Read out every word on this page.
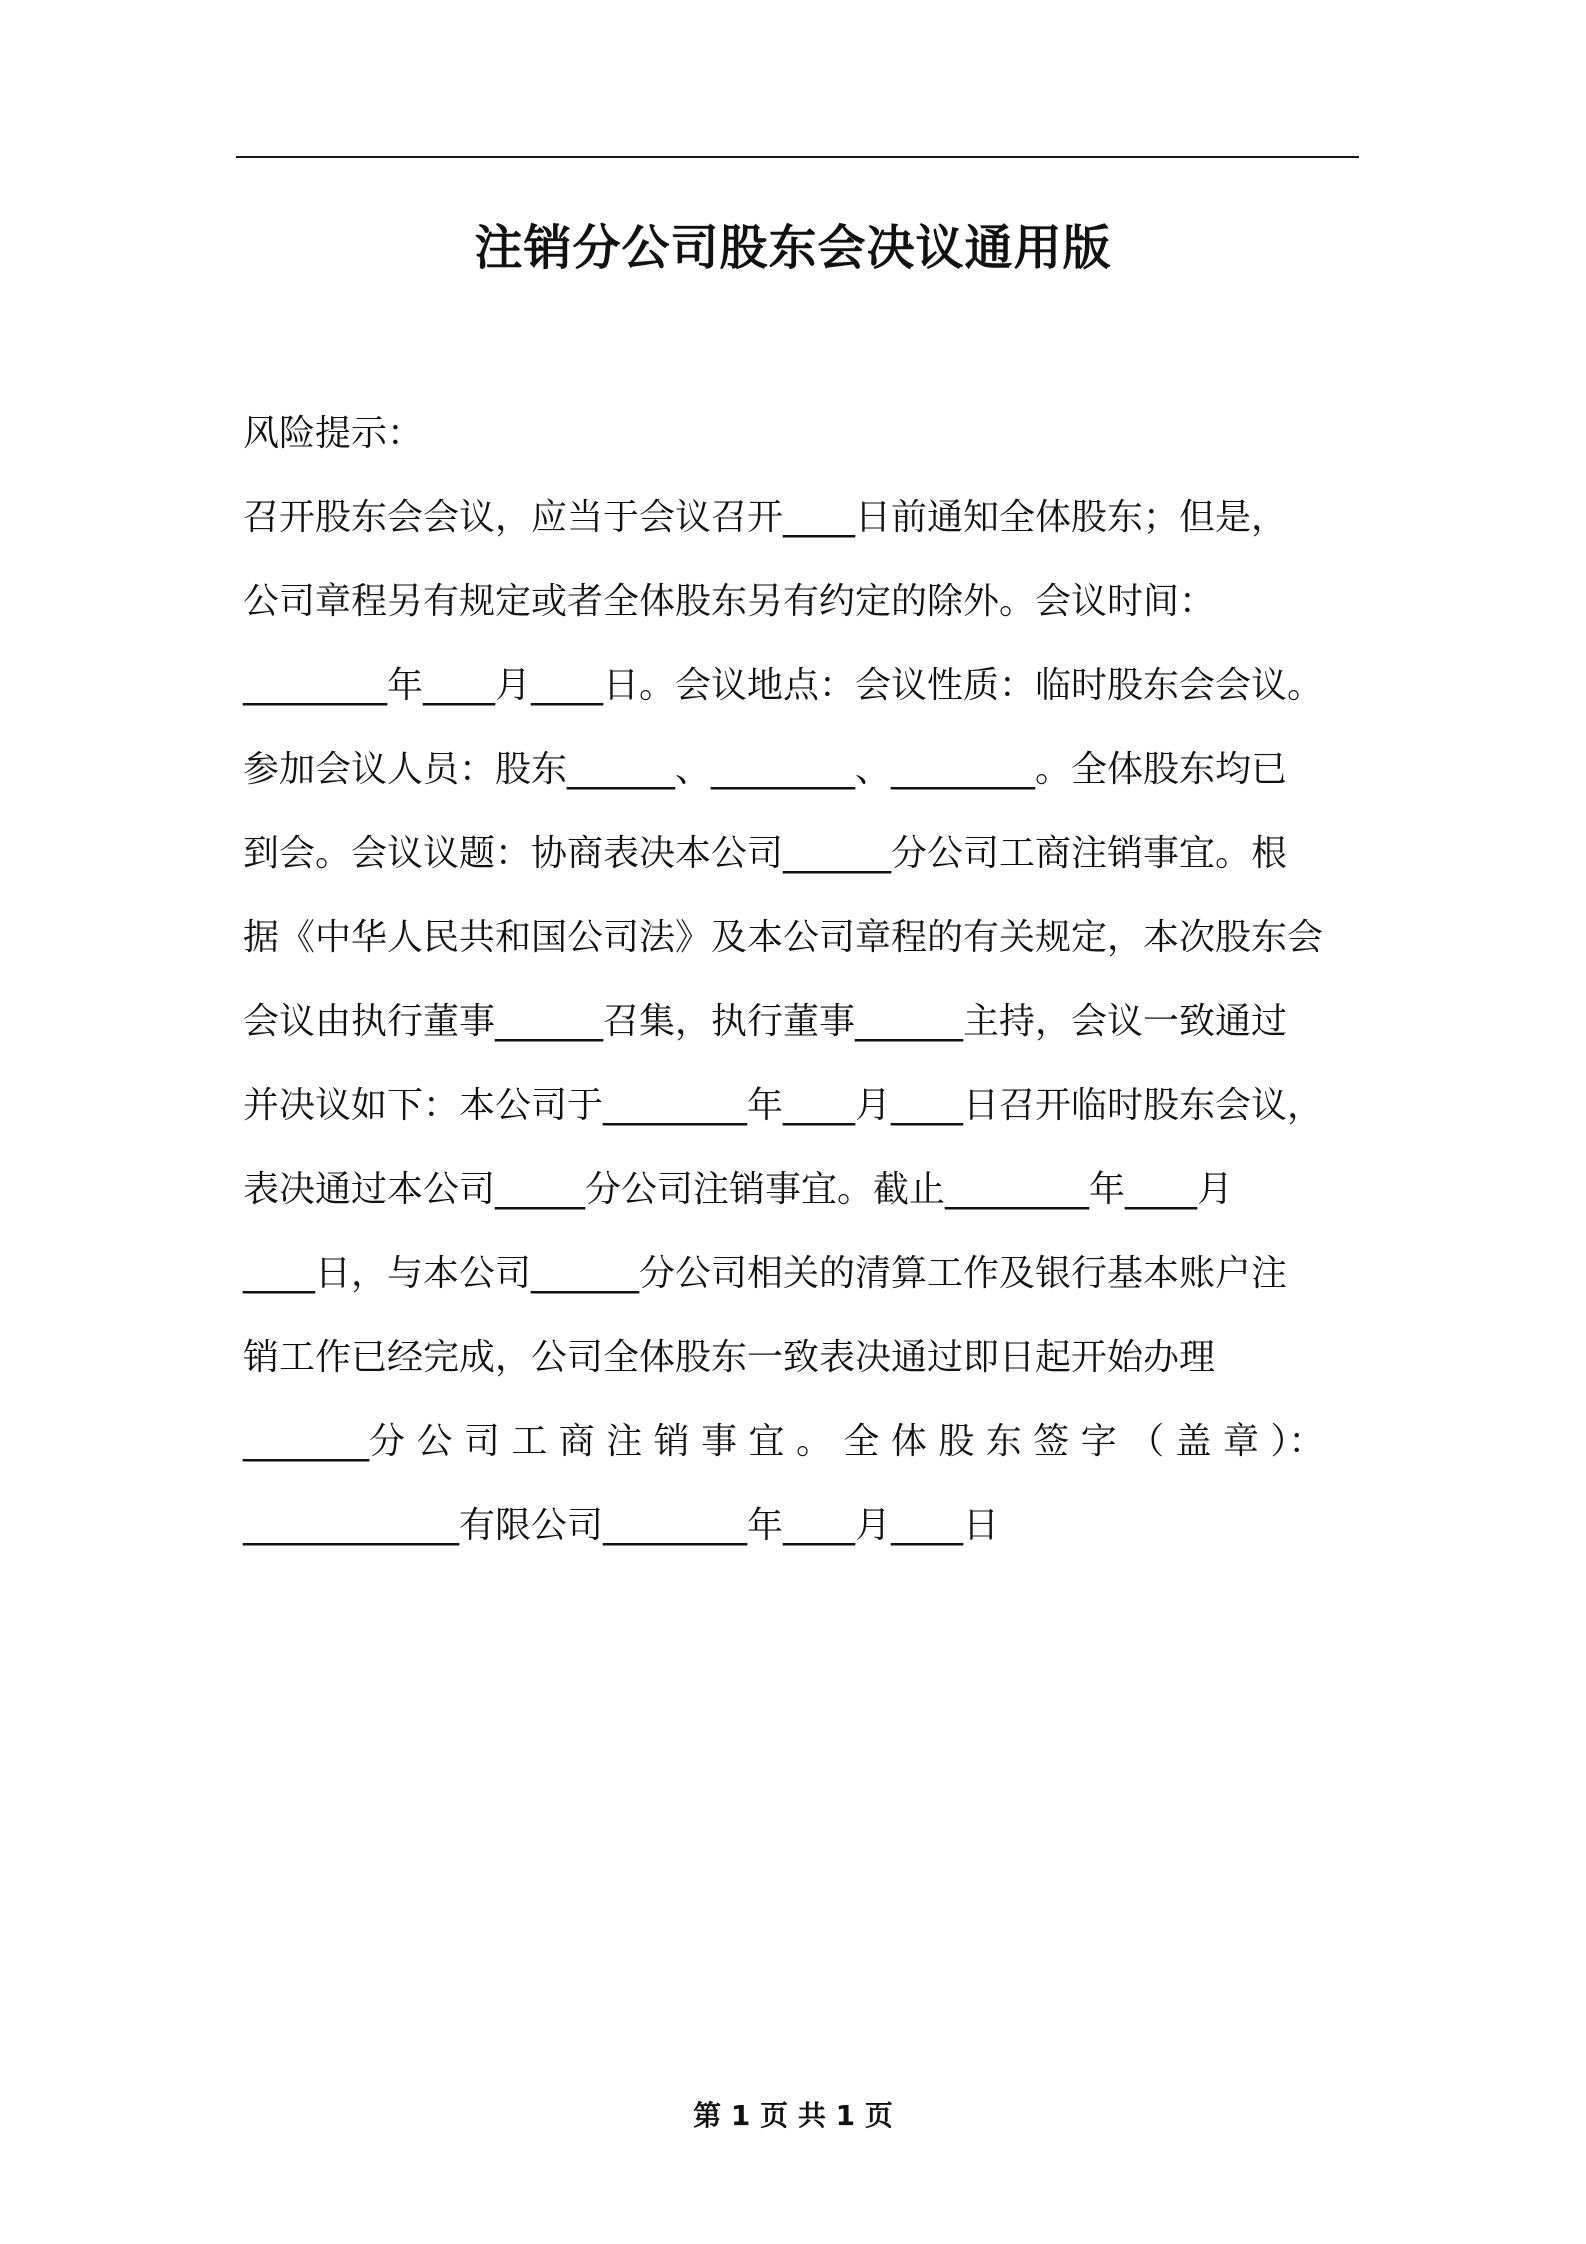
注销分公司股东会决议通用版
风险提示：
召开股东会会议，应当于会议召开____日前通知全体股东；但是，
公司章程另有规定或者全体股东另有约定的除外。会议时间：
________年____月____日。会议地点：会议性质：临时股东会会议。
参加会议人员：股东______、________、________。全体股东均已
到会。会议议题：协商表决本公司______分公司工商注销事宜。根
据《中华人民共和国公司法》及本公司章程的有关规定，本次股东会
会议由执行董事______召集，执行董事______主持，会议一致通过
并决议如下：本公司于________年____月____日召开临时股东会议，
表决通过本公司_____分公司注销事宜。截止________年____月
____日，与本公司______分公司相关的清算工作及银行基本账户注
销工作已经完成，公司全体股东一致表决通过即日起开始办理
_______分 公 司 工 商 注 销 事 宜 。 全 体 股 东 签 字 （ 盖 章 ）：
____________有限公司________年____月____日
第 1 页 共 1 页
